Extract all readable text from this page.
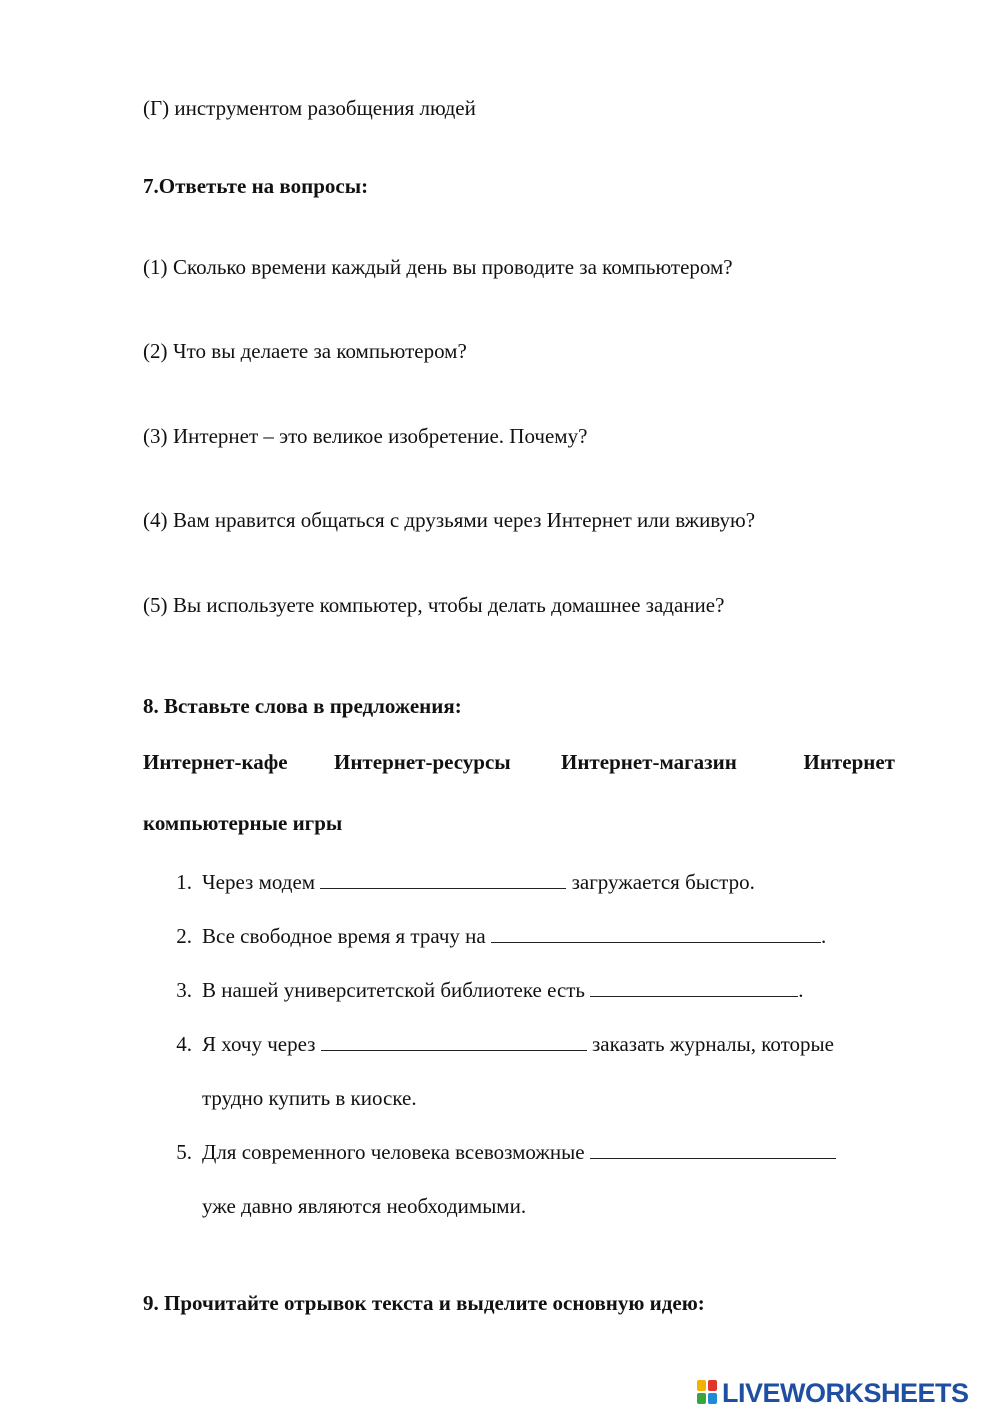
(Г) инструментом разобщения людей
7.Ответьте на вопросы:
(1) Сколько времени каждый день вы проводите за компьютером?
(2) Что вы делаете за компьютером?
(3) Интернет – это великое изобретение. Почему?
(4) Вам нравится общаться с друзьями через Интернет или вживую?
(5) Вы используете компьютер, чтобы делать домашнее задание?
8. Вставьте слова в предложения:
Интернет-кафе Интернет-ресурсы Интернет-магазин	Интернет
компьютерные игры
1. Через модем	загружается быстро.
2. Все свободное время я трачу на	.
3. В нашей университетской библиотеке есть	.
4. Я хочу через	заказать журналы, которые
трудно купить в киоске.
5. Для современного человека всевозможные
уже давно являются необходимыми.
9. Прочитайте отрывок текста и выделите основную идею:
LIVEWORKSHEETS
